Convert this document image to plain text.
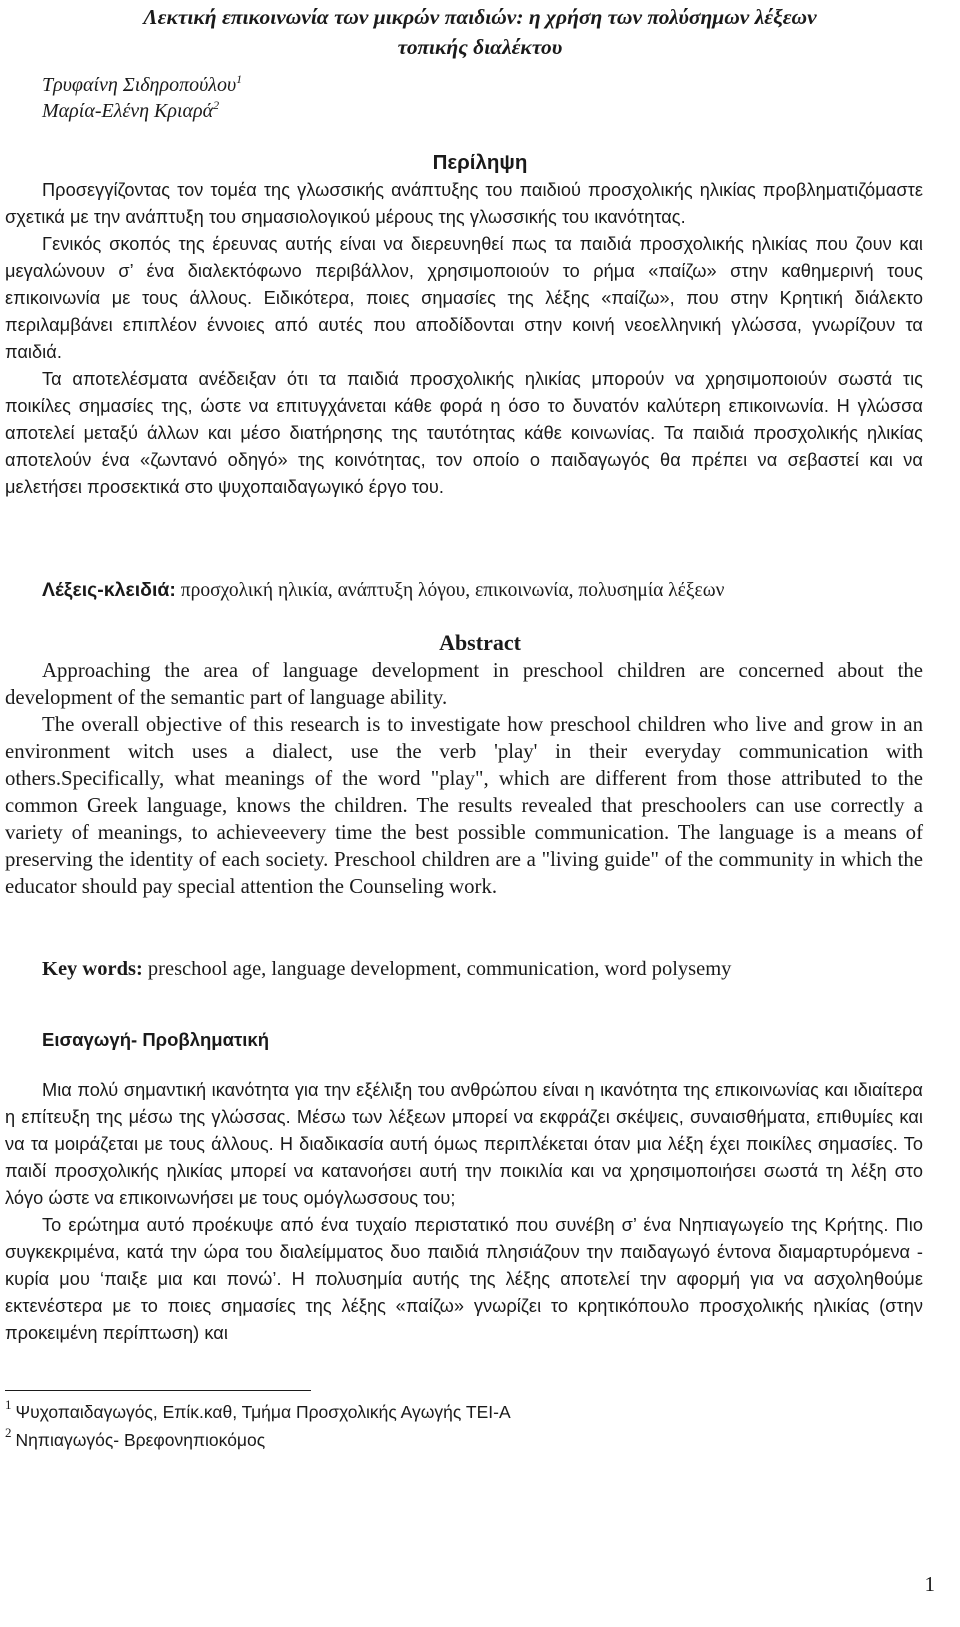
Λεκτική επικοινωνία των μικρών παιδιών: η χρήση των πολύσημων λέξεων
τοπικής διαλέκτου
Τρυφαίνη Σιδηροπούλου$^1$
Μαρία-Ελένη Κριαρά$^2$
Περίληψη

Προσεγγίζοντας τον τομέα της γλωσσικής ανάπτυξης του παιδιού προσχολικής ηλικίας προβληματιζόμαστε σχετικά με την ανάπτυξη του σημασιολογικού μέρους της γλωσσικής του ικανότητας.

Γενικός σκοπός της έρευνας αυτής είναι να διερευνηθεί πως τα παιδιά προσχολικής ηλικίας που ζουν και μεγαλώνουν σ’ ένα διαλεκτόφωνο περιβάλλον, χρησιμοποιούν το ρήμα «παίζω» στην καθημερινή τους επικοινωνία με τους άλλους. Ειδικότερα, ποιες σημασίες της λέξης «παίζω», που στην Κρητική διάλεκτο περιλαμβάνει επιπλέον έννοιες από αυτές που αποδίδονται στην κοινή νεοελληνική γλώσσα, γνωρίζουν τα παιδιά.

Τα αποτελέσματα ανέδειξαν ότι τα παιδιά προσχολικής ηλικίας μπορούν να χρησιμοποιούν σωστά τις ποικίλες σημασίες της, ώστε να επιτυγχάνεται κάθε φορά η όσο το δυνατόν καλύτερη επικοινωνία. Η γλώσσα αποτελεί μεταξύ άλλων και μέσο διατήρησης της ταυτότητας κάθε κοινωνίας. Τα παιδιά προσχολικής ηλικίας αποτελούν ένα «ζωντανό οδηγό» της κοινότητας, τον οποίο ο παιδαγωγός θα πρέπει να σεβαστεί και να μελετήσει προσεκτικά στο ψυχοπαιδαγωγικό έργο του.

Λέξεις-κλειδιά: προσχολική ηλικία, ανάπτυξη λόγου, επικοινωνία, πολυσημία λέξεων
Abstract

Approaching the area of language development in preschool children are concerned about the development of the semantic part of language ability.

The overall objective of this research is to investigate how preschool children who live and grow in an environment witch uses a dialect, use the verb 'play' in their everyday communication with others.Specifically, what meanings of the word "play", which are different from those attributed to the common Greek language, knows the children. The results revealed that preschoolers can use correctly a variety of meanings, to achieveevery time the best possible communication. The language is a means of preserving the identity of each society. Preschool children are a "living guide" of the community in which the educator should pay special attention the Counseling work.

Key words: preschool age, language development, communication, word polysemy
Εισαγωγή- Προβληματική

Μια πολύ σημαντική ικανότητα για την εξέλιξη του ανθρώπου είναι η ικανότητα της επικοινωνίας και ιδιαίτερα η επίτευξη της μέσω της γλώσσας. Μέσω των λέξεων μπορεί να εκφράζει σκέψεις, συναισθήματα, επιθυμίες και να τα μοιράζεται με τους άλλους. Η διαδικασία αυτή όμως περιπλέκεται όταν μια λέξη έχει ποικίλες σημασίες. Το παιδί προσχολικής ηλικίας μπορεί να κατανοήσει αυτή την ποικιλία και να χρησιμοποιήσει σωστά τη λέξη στο λόγο ώστε να επικοινωνήσει με τους ομόγλωσσους του;

Το ερώτημα αυτό προέκυψε από ένα τυχαίο περιστατικό που συνέβη σ’ ένα Νηπιαγωγείο της Κρήτης. Πιο συγκεκριμένα, κατά την ώρα του διαλείμματος δυο παιδιά πλησιάζουν την παιδαγωγό έντονα διαμαρτυρόμενα - κυρία μου ‘παιξε μια και πονώ’. Η πολυσημία αυτής της λέξης αποτελεί την αφορμή για να ασχοληθούμε εκτενέστερα με το ποιες σημασίες της λέξης «παίζω» γνωρίζει το κρητικόπουλο προσχολικής ηλικίας (στην προκειμένη περίπτωση) και

$^1$ Ψυχοπαιδαγωγός, Επίκ.καθ, Τμήμα Προσχολικής Αγωγής ΤΕΙ-Α
$^2$ Νηπιαγωγός- Βρεφονηπιοκόμος
1
